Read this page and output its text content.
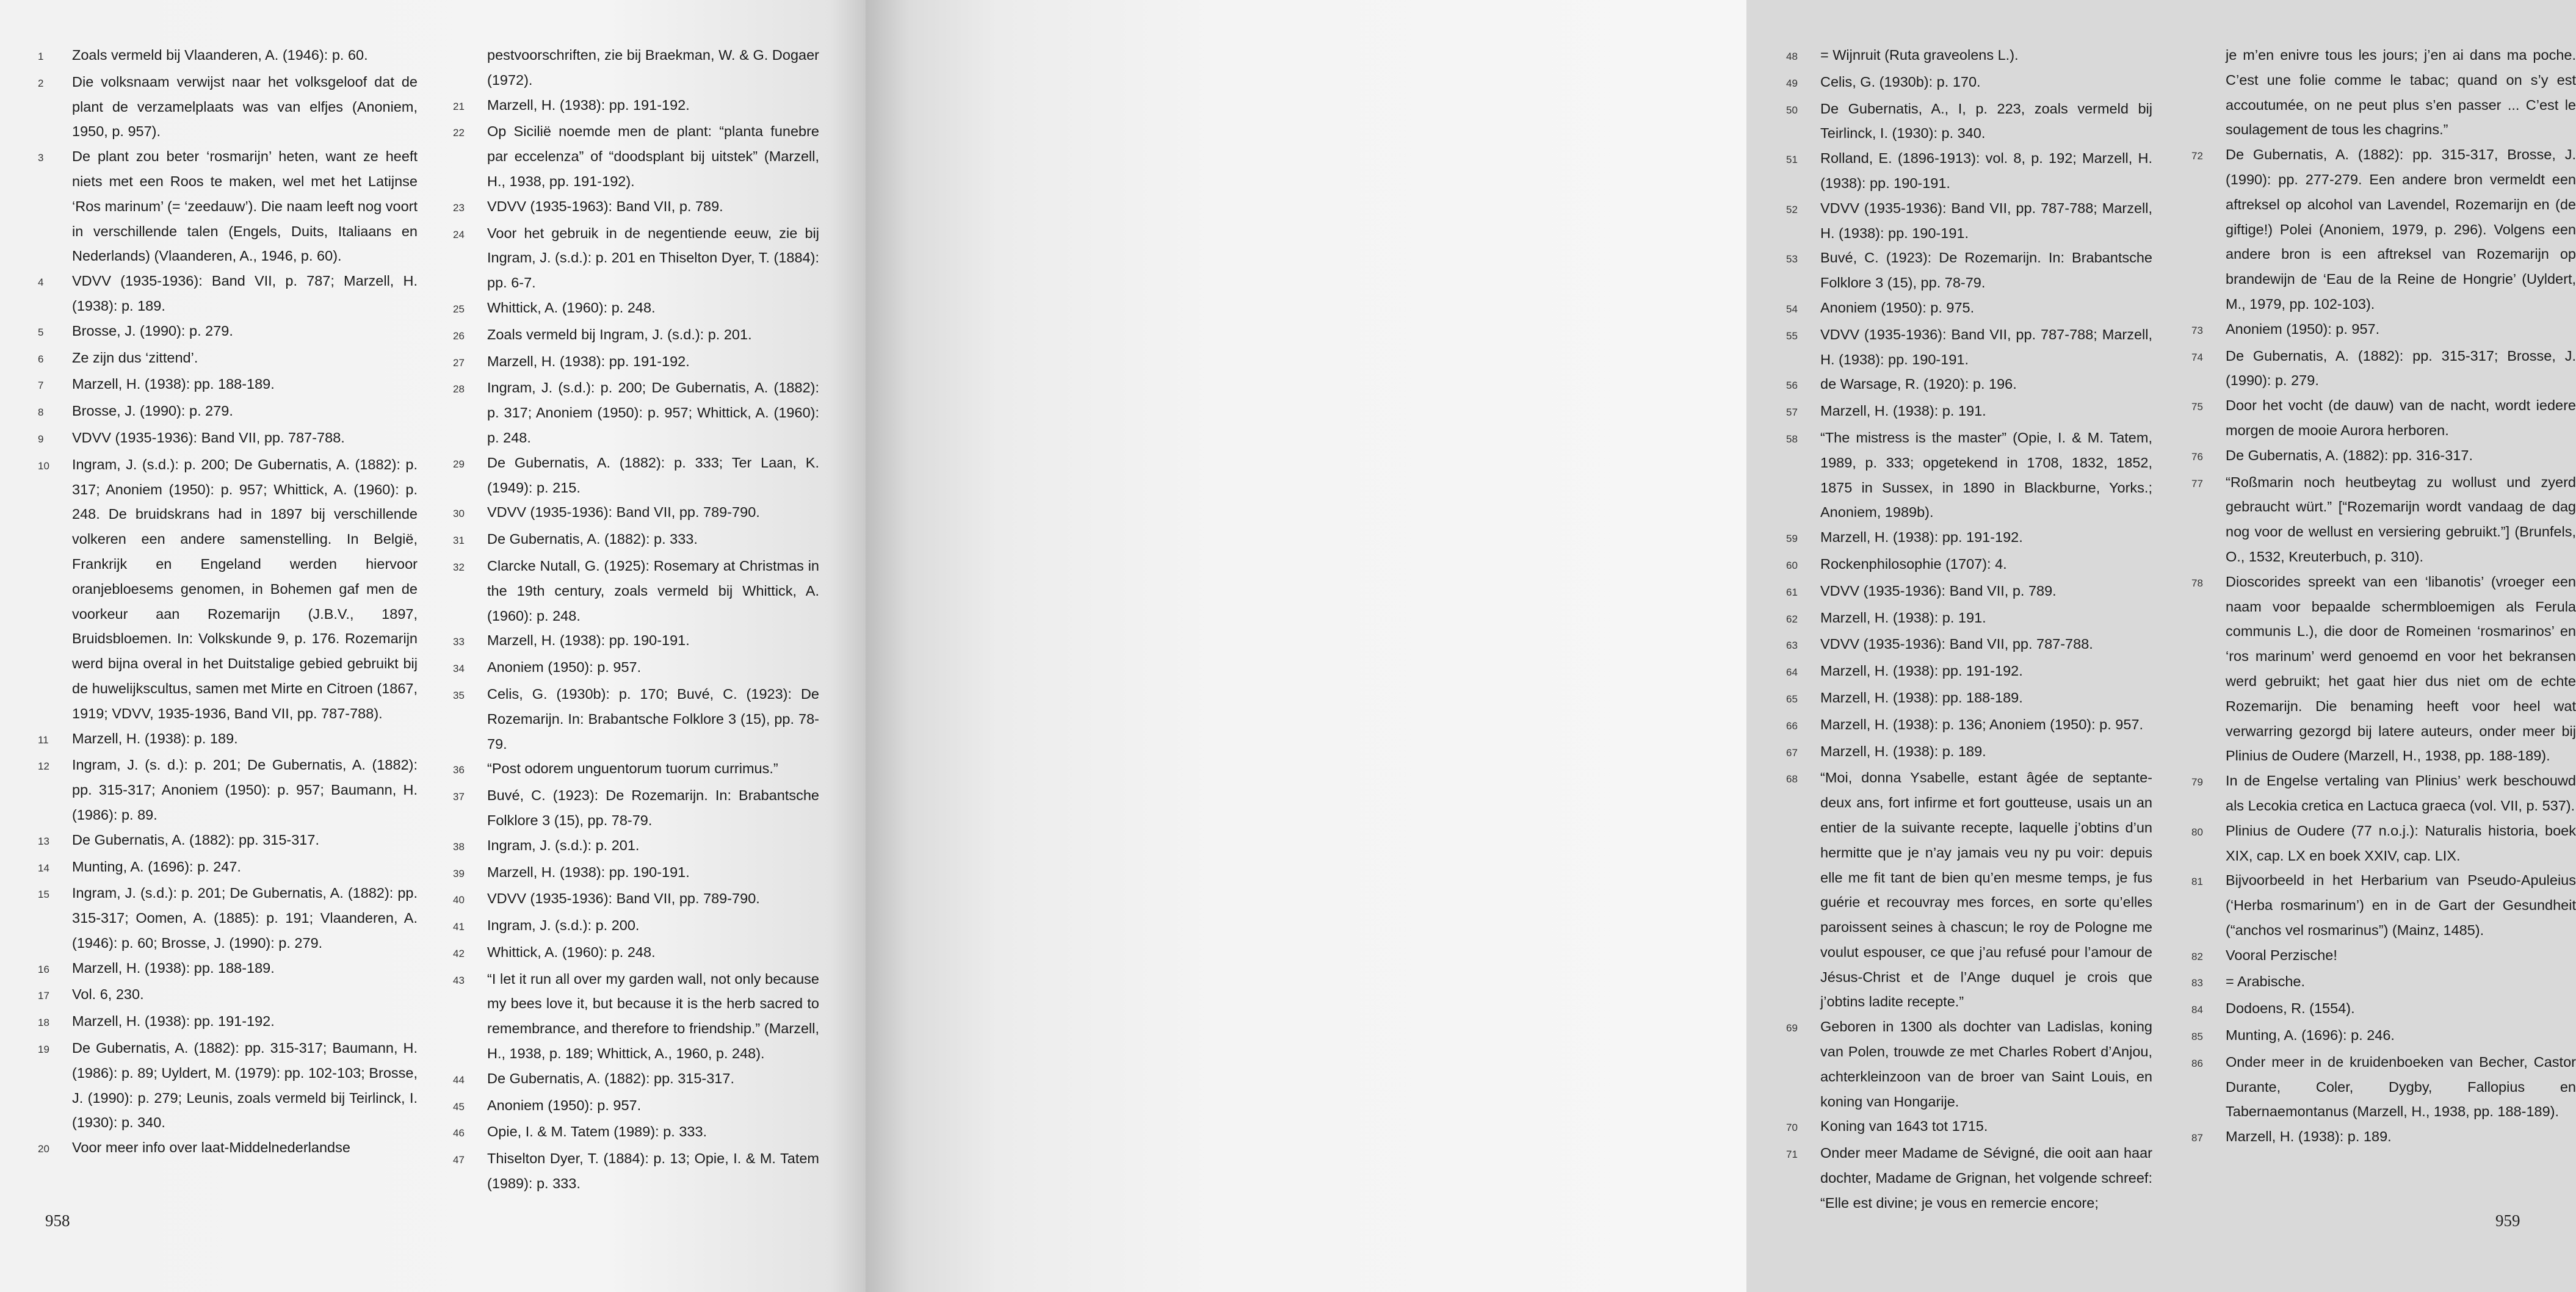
1	Zoals vermeld bij Vlaanderen, A. (1946): p. 60.
2	Die volksnaam verwijst naar het volksgeloof dat de plant de verzamelplaats was van elfjes (Anoniem, 1950, p. 957).
3	De plant zou beter ‘rosmarijn’ heten, want ze heeft niets met een Roos te maken, wel met het Latijnse ‘Ros marinum’ (= ‘zeedauw’). Die naam leeft nog voort in verschillende talen (Engels, Duits, Italiaans en Nederlands) (Vlaanderen, A., 1946, p. 60).
4	VDVV (1935-1936): Band VII, p. 787; Marzell, H. (1938): p. 189.
5	Brosse, J. (1990): p. 279.
6	Ze zijn dus ‘zittend’.
7	Marzell, H. (1938): pp. 188-189.
8	Brosse, J. (1990): p. 279.
9	VDVV (1935-1936): Band VII, pp. 787-788.
10	Ingram, J. (s.d.): p. 200; De Gubernatis, A. (1882): p. 317; Anoniem (1950): p. 957; Whittick, A. (1960): p. 248. De bruidskrans had in 1897 bij verschillende volkeren een andere samenstelling. In België, Frankrijk en Engeland werden hiervoor oranjebloesems genomen, in Bohemen gaf men de voorkeur aan Rozemarijn (J.B.V., 1897, Bruidsbloemen. In: Volkskunde 9, p. 176. Rozemarijn werd bijna overal in het Duitstalige gebied gebruikt bij de huwelijkscultus, samen met Mirte en Citroen (1867, 1919; VDVV, 1935-1936, Band VII, pp. 787-788).
11	Marzell, H. (1938): p. 189.
12	Ingram, J. (s. d.): p. 201; De Gubernatis, A. (1882): pp. 315-317; Anoniem (1950): p. 957; Baumann, H. (1986): p. 89.
13	De Gubernatis, A. (1882): pp. 315-317.
14	Munting, A. (1696): p. 247.
15	Ingram, J. (s.d.): p. 201; De Gubernatis, A. (1882): pp. 315-317; Oomen, A. (1885): p. 191; Vlaanderen, A. (1946): p. 60; Brosse, J. (1990): p. 279.
16	Marzell, H. (1938): pp. 188-189.
17	Vol. 6, 230.
18	Marzell, H. (1938): pp. 191-192.
19	De Gubernatis, A. (1882): pp. 315-317; Baumann, H. (1986): p. 89; Uyldert, M. (1979): pp. 102-103; Brosse, J. (1990): p. 279; Leunis, zoals vermeld bij Teirlinck, I. (1930): p. 340.
20	Voor meer info over laat-Middelnederlandse
pestvoorschriften, zie bij Braekman, W. & G. Dogaer (1972).
21	Marzell, H. (1938): pp. 191-192.
22	Op Sicilië noemde men de plant: “planta funebre par eccelenza” of “doodsplant bij uitstek” (Marzell, H., 1938, pp. 191-192).
23	VDVV (1935-1963): Band VII, p. 789.
24	Voor het gebruik in de negentiende eeuw, zie bij Ingram, J. (s.d.): p. 201 en Thiselton Dyer, T. (1884): pp. 6-7.
25	Whittick, A. (1960): p. 248.
26	Zoals vermeld bij Ingram, J. (s.d.): p. 201.
27	Marzell, H. (1938): pp. 191-192.
28	Ingram, J. (s.d.): p. 200; De Gubernatis, A. (1882): p. 317; Anoniem (1950): p. 957; Whittick, A. (1960): p. 248.
29	De Gubernatis, A. (1882): p. 333; Ter Laan, K. (1949): p. 215.
30	VDVV (1935-1936): Band VII, pp. 789-790.
31	De Gubernatis, A. (1882): p. 333.
32	Clarcke Nutall, G. (1925): Rosemary at Christmas in the 19th century, zoals vermeld bij Whittick, A. (1960): p. 248.
33	Marzell, H. (1938): pp. 190-191.
34	Anoniem (1950): p. 957.
35	Celis, G. (1930b): p. 170; Buvé, C. (1923): De Rozemarijn. In: Brabantsche Folklore 3 (15), pp. 78-79.
36	“Post odorem unguentorum tuorum currimus.”
37	Buvé, C. (1923): De Rozemarijn. In: Brabantsche Folklore 3 (15), pp. 78-79.
38	Ingram, J. (s.d.): p. 201.
39	Marzell, H. (1938): pp. 190-191.
40	VDVV (1935-1936): Band VII, pp. 789-790.
41	Ingram, J. (s.d.): p. 200.
42	Whittick, A. (1960): p. 248.
43	“I let it run all over my garden wall, not only because my bees love it, but because it is the herb sacred to remembrance, and therefore to friendship.” (Marzell, H., 1938, p. 189; Whittick, A., 1960, p. 248).
44	De Gubernatis, A. (1882): pp. 315-317.
45	Anoniem (1950): p. 957.
46	Opie, I. & M. Tatem (1989): p. 333.
47	Thiselton Dyer, T. (1884): p. 13; Opie, I. & M. Tatem (1989): p. 333.
958
48	= Wijnruit (Ruta graveolens L.).
49	Celis, G. (1930b): p. 170.
50	De Gubernatis, A., I, p. 223, zoals vermeld bij Teirlinck, I. (1930): p. 340.
51	Rolland, E. (1896-1913): vol. 8, p. 192; Marzell, H. (1938): pp. 190-191.
52	VDVV (1935-1936): Band VII, pp. 787-788; Marzell, H. (1938): pp. 190-191.
53	Buvé, C. (1923): De Rozemarijn. In: Brabantsche Folklore 3 (15), pp. 78-79.
54	Anoniem (1950): p. 975.
55	VDVV (1935-1936): Band VII, pp. 787-788; Marzell, H. (1938): pp. 190-191.
56	de Warsage, R. (1920): p. 196.
57	Marzell, H. (1938): p. 191.
58	“The mistress is the master” (Opie, I. & M. Tatem, 1989, p. 333; opgetekend in 1708, 1832, 1852, 1875 in Sussex, in 1890 in Blackburne, Yorks.; Anoniem, 1989b).
59	Marzell, H. (1938): pp. 191-192.
60	Rockenphilosophie (1707): 4.
61	VDVV (1935-1936): Band VII, p. 789.
62	Marzell, H. (1938): p. 191.
63	VDVV (1935-1936): Band VII, pp. 787-788.
64	Marzell, H. (1938): pp. 191-192.
65	Marzell, H. (1938): pp. 188-189.
66	Marzell, H. (1938): p. 136; Anoniem (1950): p. 957.
67	Marzell, H. (1938): p. 189.
68	“Moi, donna Ysabelle, estant âgée de septante-deux ans, fort infirme et fort goutteuse, usais un an entier de la suivante recepte, laquelle j’obtins d’un hermitte que je n’ay jamais veu ny pu voir: depuis elle me fit tant de bien qu’en mesme temps, je fus guérie et recouvray mes forces, en sorte qu’elles paroissent seines à chascun; le roy de Pologne me voulut espouser, ce que j’au refusé pour l’amour de Jésus-Christ et de l’Ange duquel je crois que j’obtins ladite recepte.”
69	Geboren in 1300 als dochter van Ladislas, koning van Polen, trouwde ze met Charles Robert d’Anjou, achterkleinzoon van de broer van Saint Louis, en koning van Hongarije.
70	Koning van 1643 tot 1715.
71	Onder meer Madame de Sévigné, die ooit aan haar dochter, Madame de Grignan, het volgende schreef: “Elle est divine; je vous en remercie encore;
je m’en enivre tous les jours; j’en ai dans ma poche. C’est une folie comme le tabac; quand on s’y est accoutumée, on ne peut plus s’en passer ... C’est le soulagement de tous les chagrins.”
72	De Gubernatis, A. (1882): pp. 315-317, Brosse, J. (1990): pp. 277-279. Een andere bron vermeldt een aftreksel op alcohol van Lavendel, Rozemarijn en (de giftige!) Polei (Anoniem, 1979, p. 296). Volgens een andere bron is een aftreksel van Rozemarijn op brandewijn de ‘Eau de la Reine de Hongrie’ (Uyldert, M., 1979, pp. 102-103).
73	Anoniem (1950): p. 957.
74	De Gubernatis, A. (1882): pp. 315-317; Brosse, J. (1990): p. 279.
75	Door het vocht (de dauw) van de nacht, wordt iedere morgen de mooie Aurora herboren.
76	De Gubernatis, A. (1882): pp. 316-317.
77	“Roßmarin noch heutbeytag zu wollust und zyerd gebraucht würt.” [“Rozemarijn wordt vandaag de dag nog voor de wellust en versiering gebruikt.”] (Brunfels, O., 1532, Kreuterbuch, p. 310).
78	Dioscorides spreekt van een ‘libanotis’ (vroeger een naam voor bepaalde schermbloemigen als Ferula communis L.), die door de Romeinen ‘rosmarinos’ en ‘ros marinum’ werd genoemd en voor het bekransen werd gebruikt; het gaat hier dus niet om de echte Rozemarijn. Die benaming heeft voor heel wat verwarring gezorgd bij latere auteurs, onder meer bij Plinius de Oudere (Marzell, H., 1938, pp. 188-189).
79	In de Engelse vertaling van Plinius’ werk beschouwd als Lecokia cretica en Lactuca graeca (vol. VII, p. 537).
80	Plinius de Oudere (77 n.o.j.): Naturalis historia, boek XIX, cap. LX en boek XXIV, cap. LIX.
81	Bijvoorbeeld in het Herbarium van Pseudo-Apuleius (‘Herba rosmarinum’) en in de Gart der Gesundheit (“anchos vel rosmarinus”) (Mainz, 1485).
82	Vooral Perzische!
83	= Arabische.
84	Dodoens, R. (1554).
85	Munting, A. (1696): p. 246.
86	Onder meer in de kruidenboeken van Becher, Castor Durante, Coler, Dygby, Fallopius en Tabernaemontanus (Marzell, H., 1938, pp. 188-189).
87	Marzell, H. (1938): p. 189.
959
